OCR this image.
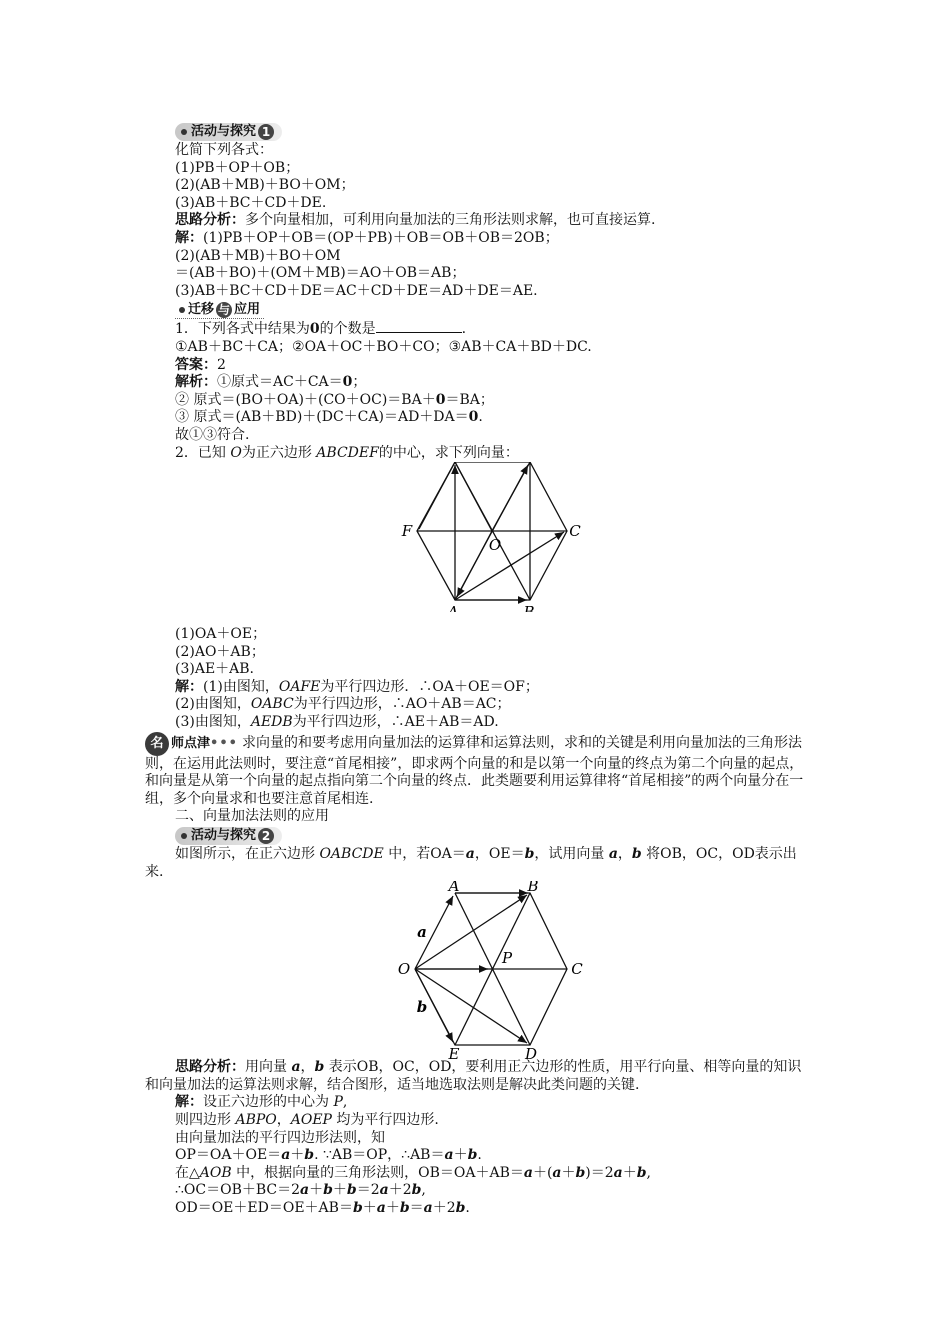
活动与探究 1
化简下列各式：
(1)PB＋OP＋OB；
(2)(AB＋MB)＋BO＋OM；
(3)AB＋BC＋CD＋DE.
思路分析：多个向量相加，可利用向量加法的三角形法则求解，也可直接运算.
解：(1)PB＋OP＋OB＝(OP＋PB)＋OB＝OB＋OB＝2OB；
(2)(AB＋MB)＋BO＋OM
＝(AB＋BO)＋(OM＋MB)＝AO＋OB＝AB；
(3)AB＋BC＋CD＋DE＝AC＋CD＋DE＝AD＋DE＝AE.
迁移 与 应用
1．下列各式中结果为0的个数是	.
①AB＋BC＋CA；②OA＋OC＋BO＋CO；③AB＋CA＋BD＋DC.
答案：2
解析：①原式＝AC＋CA＝0；
② 原式＝(BO＋OA)＋(CO＋OC)＝BA＋0＝BA；
③ 原式＝(AB＋BD)＋(DC＋CA)＝AD＋DA＝0.
故①③符合.
2．已知 O为正六边形 ABCDEF的中心，求下列向量：
F
O
C
A	B
(1)OA＋OE；
(2)AO＋AB；
(3)AE＋AB.
解：(1)由图知，OAFE为平行四边形．∴OA＋OE＝OF；
(2)由图知，OABC为平行四边形，∴AO＋AB＝AC；
(3)由图知，AEDB为平行四边形，∴AE＋AB＝AD.
名 师点津 ••• 求向量的和要考虑用向量加法的运算律和运算法则，求和的关键是利用向量加法的三角形法则，在运用此法则时，要注意“首尾相接”，即求两个向量的和是以第一个向量的终点为第二个向量的起点，和向量是从第一个向量的起点指向第二个向量的终点．此类题要利用运算律将“首尾相接”的两个向量分在一组，多个向量求和也要注意首尾相连.
二、向量加法法则的应用
活动与探究 2
如图所示，在正六边形 OABCDE 中，若OA＝a，OE＝b，试用向量 a，b 将OB，OC，OD表示出来.
A	B
a
P
O	C
b
E	D
思路分析：用向量 a，b 表示OB，OC，OD，要利用正六边形的性质，用平行向量、相等向量的知识和向量加法的运算法则求解，结合图形，适当地选取法则是解决此类问题的关键.
解：设正六边形的中心为 P,
则四边形 ABPO，AOEP 均为平行四边形.
由向量加法的平行四边形法则，知
OP＝OA＋OE＝a＋b. ∵AB＝OP，∴AB＝a＋b.
在△AOB 中，根据向量的三角形法则，OB＝OA＋AB＝a＋(a＋b)＝2a＋b,
∴OC＝OB＋BC＝2a＋b＋b＝2a＋2b,
OD＝OE＋ED＝OE＋AB＝b＋a＋b＝a＋2b.
